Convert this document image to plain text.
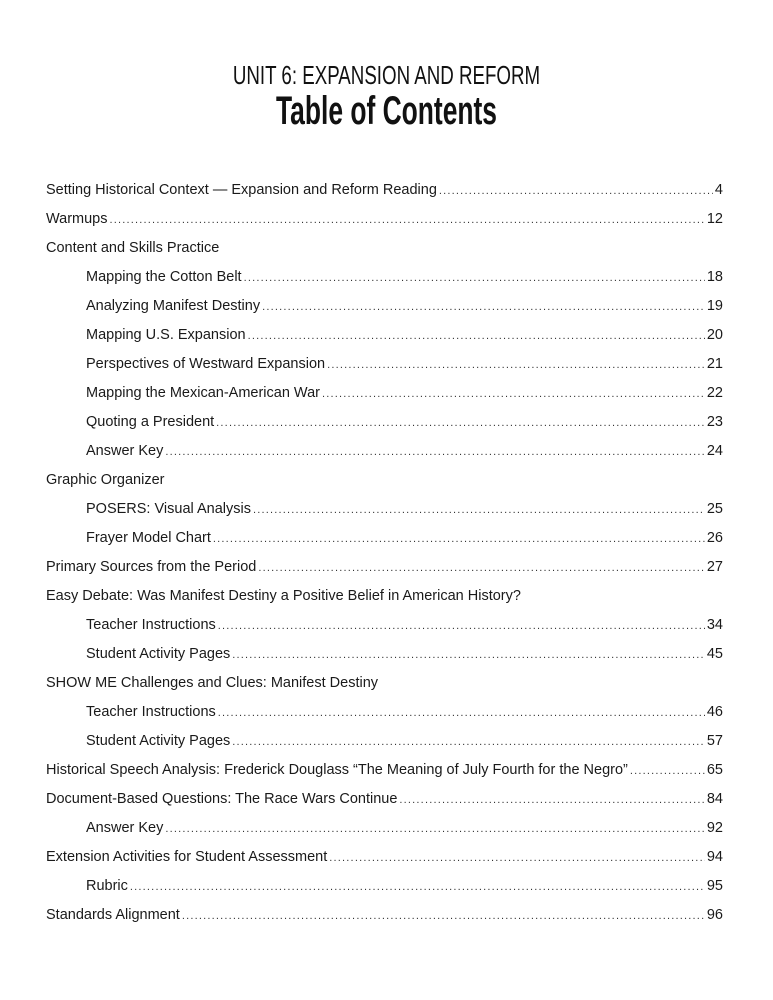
UNIT 6: EXPANSION AND REFORM
Table of Contents
Setting Historical Context — Expansion and Reform Reading .....	4
Warmups .....	12
Content and Skills Practice
Mapping the Cotton Belt .....	18
Analyzing Manifest Destiny .....	19
Mapping U.S. Expansion .....	20
Perspectives of Westward Expansion .....	21
Mapping the Mexican-American War .....	22
Quoting a President .....	23
Answer Key .....	24
Graphic Organizer
POSERS: Visual Analysis .....	25
Frayer Model Chart .....	26
Primary Sources from the Period .....	27
Easy Debate: Was Manifest Destiny a Positive Belief in American History?
Teacher Instructions .....	34
Student Activity Pages .....	45
SHOW ME Challenges and Clues: Manifest Destiny
Teacher Instructions .....	46
Student Activity Pages .....	57
Historical Speech Analysis: Frederick Douglass “The Meaning of July Fourth for the Negro” .....	65
Document-Based Questions: The Race Wars Continue .....	84
Answer Key .....	92
Extension Activities for Student Assessment .....	94
Rubric .....	95
Standards Alignment .....	96
